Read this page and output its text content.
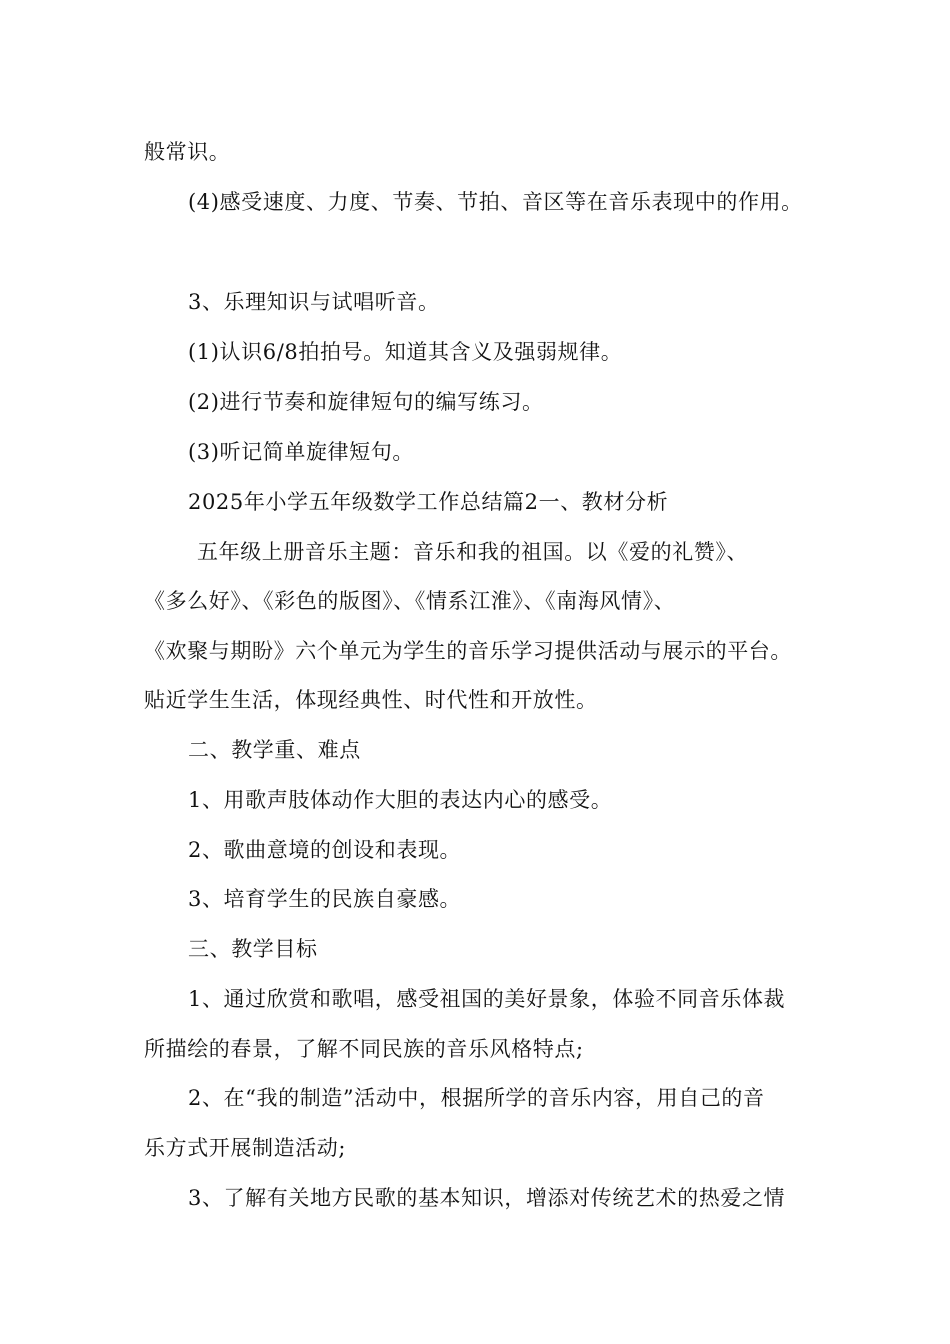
般常识。
(4)感受速度、力度、节奏、节拍、音区等在音乐表现中的作用。
3、乐理知识与试唱听音。
(1)认识6/8拍拍号。知道其含义及强弱规律。
(2)进行节奏和旋律短句的编写练习。
(3)听记简单旋律短句。
2025年小学五年级数学工作总结篇2一、教材分析
五年级上册音乐主题：音乐和我的祖国。以《爱的礼赞》、
《多么好》、《彩色的版图》、《情系江淮》、《南海风情》、
《欢聚与期盼》六个单元为学生的音乐学习提供活动与展示的平台。
贴近学生生活，体现经典性、时代性和开放性。
二、教学重、难点
1、用歌声肢体动作大胆的表达内心的感受。
2、歌曲意境的创设和表现。
3、培育学生的民族自豪感。
三、教学目标
1、通过欣赏和歌唱，感受祖国的美好景象，体验不同音乐体裁
所描绘的春景，了解不同民族的音乐风格特点;
2、在“我的制造”活动中，根据所学的音乐内容，用自己的音
乐方式开展制造活动;
3、了解有关地方民歌的基本知识，增添对传统艺术的热爱之情
